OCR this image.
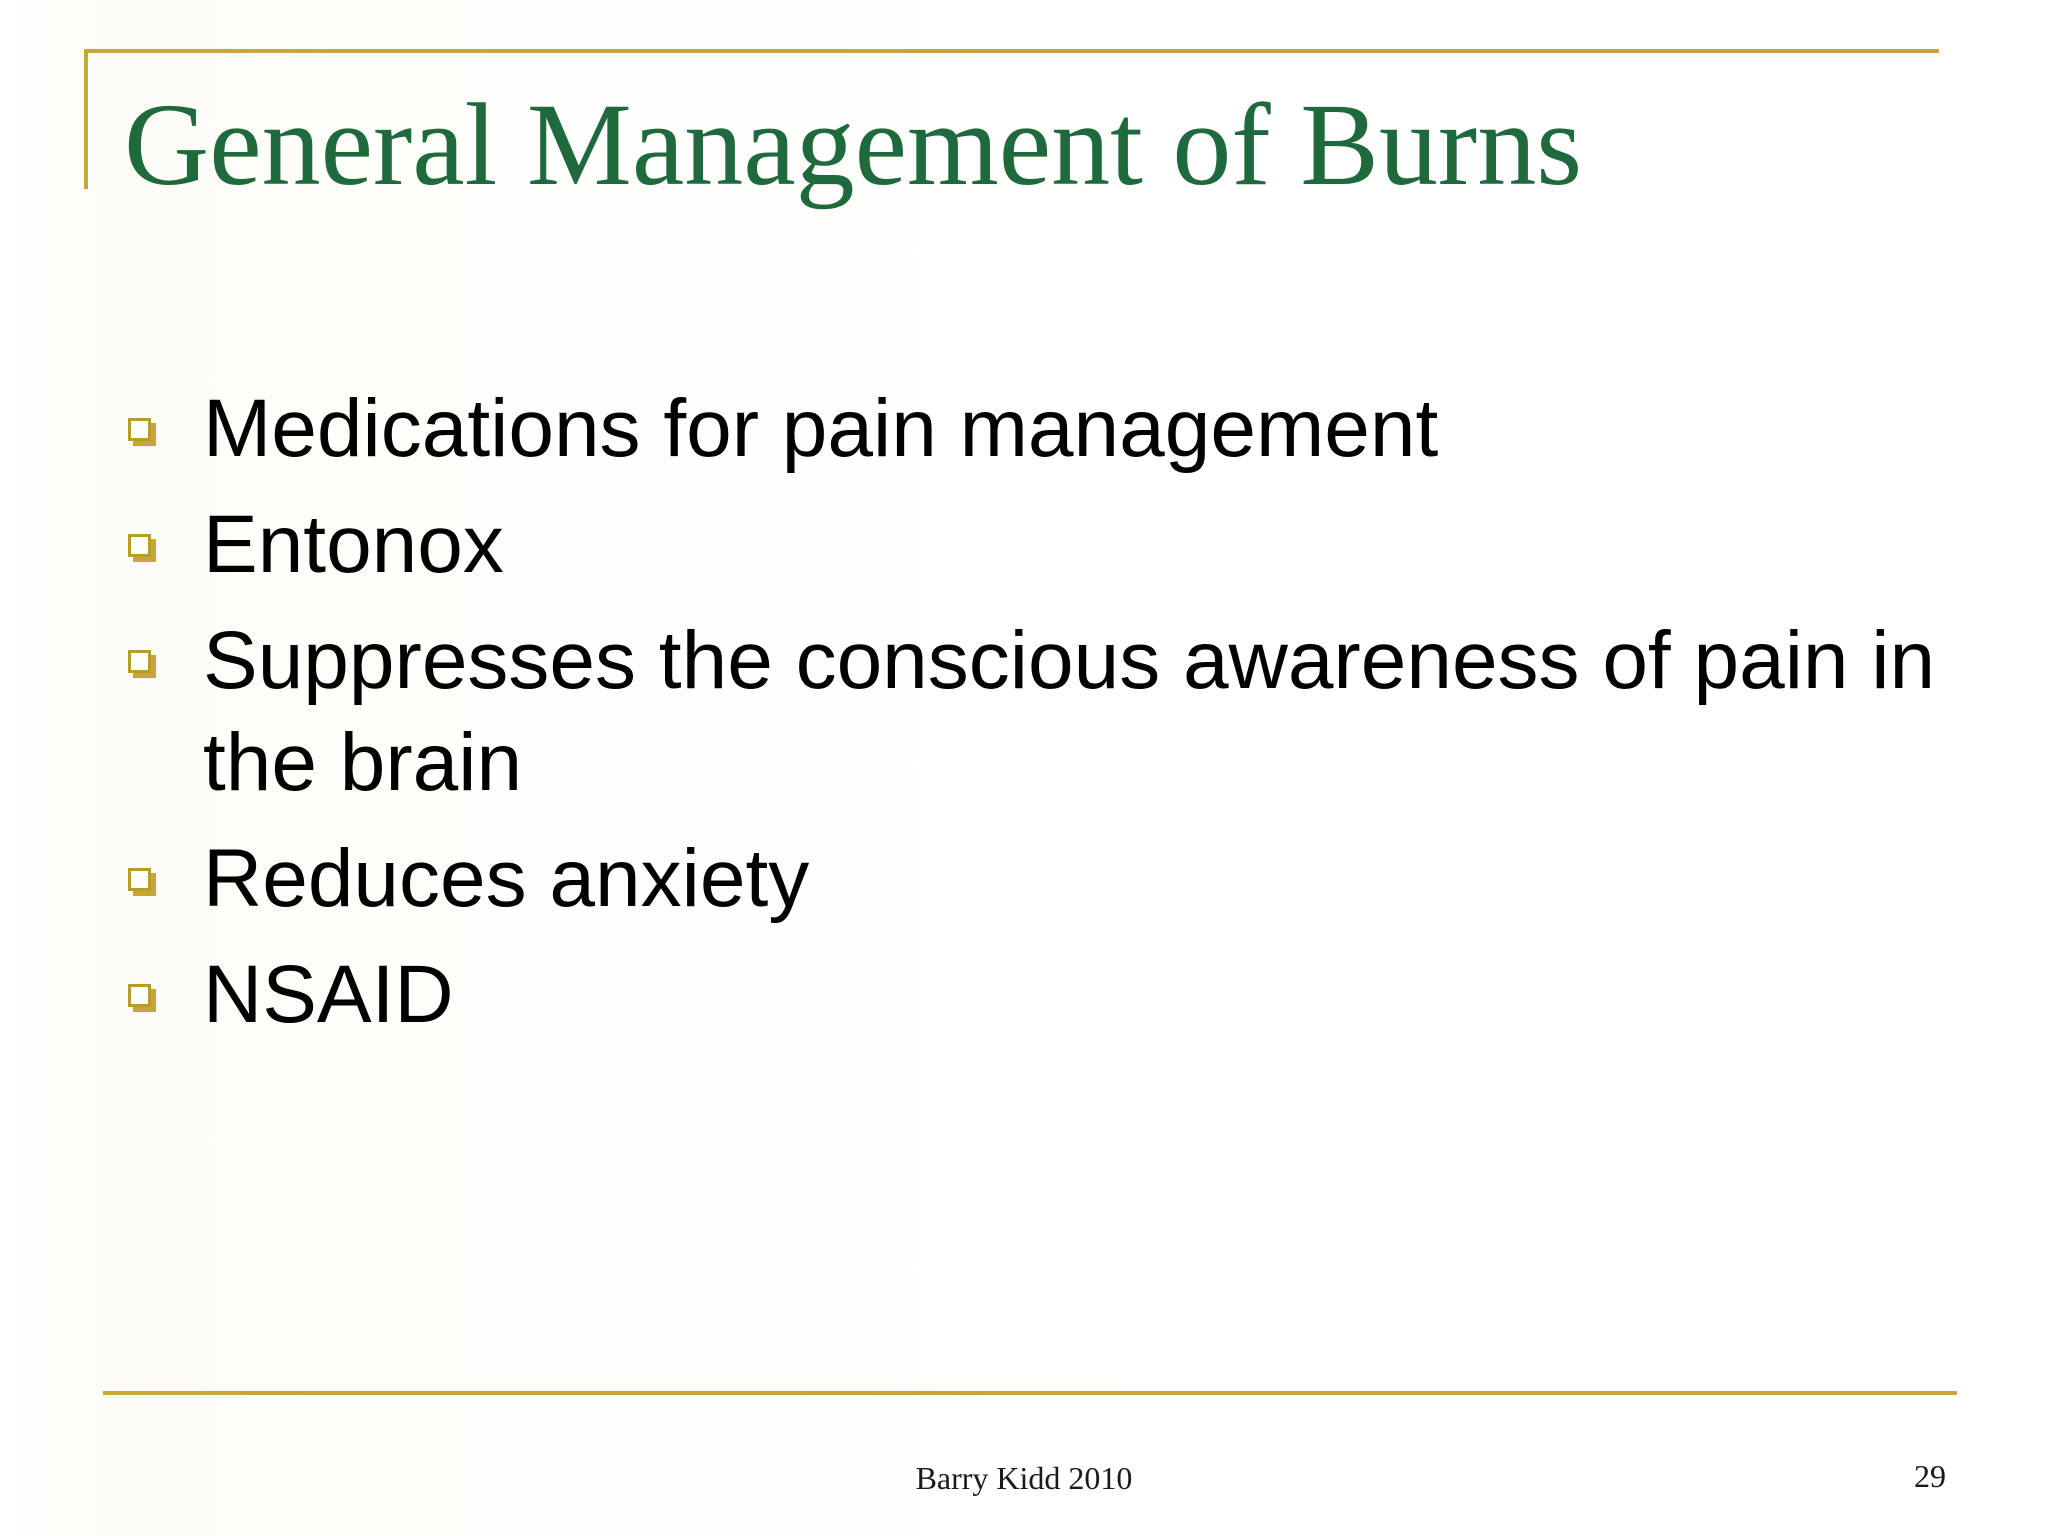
General Management of Burns
Medications for pain management
Entonox
Suppresses the conscious awareness of pain in the brain
Reduces anxiety
NSAID

Barry Kidd 2010	29
